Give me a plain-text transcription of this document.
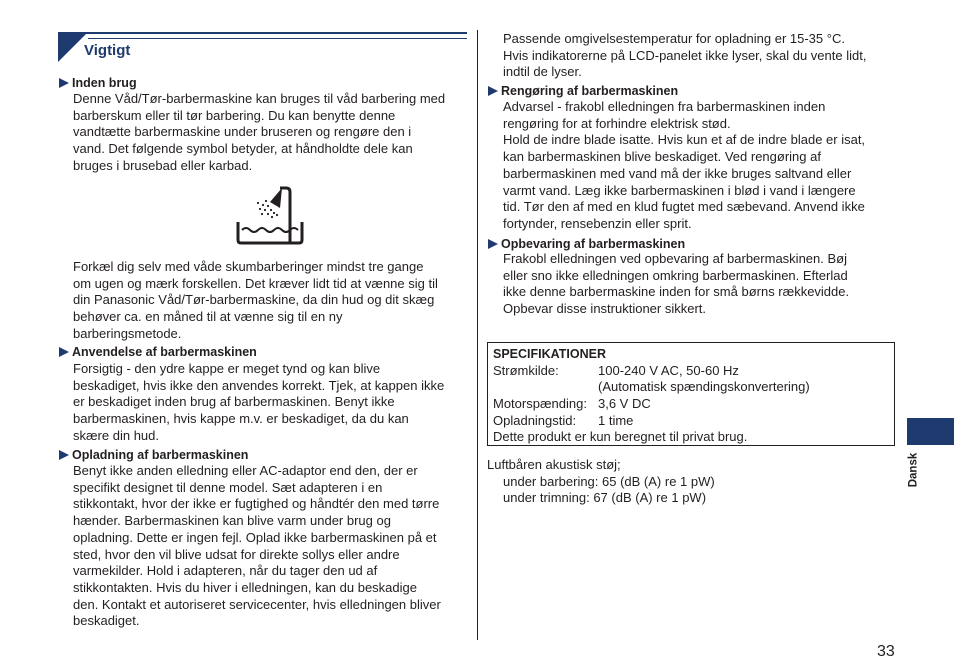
Vigtigt
Inden brug
Denne Våd/Tør-barbermaskine kan bruges til våd barbering med
barberskum eller til tør barbering. Du kan benytte denne
vandtætte barbermaskine under bruseren og rengøre den i
vand. Det følgende symbol betyder, at håndholdte dele kan
bruges i brusebad eller karbad.
Forkæl dig selv med våde skumbarberinger mindst tre gange
om ugen og mærk forskellen. Det kræver lidt tid at vænne sig til
din Panasonic Våd/Tør-barbermaskine, da din hud og dit skæg
behøver ca. en måned til at vænne sig til en ny
barberingsmetode.
Anvendelse af barbermaskinen
Forsigtig - den ydre kappe er meget tynd og kan blive
beskadiget, hvis ikke den anvendes korrekt. Tjek, at kappen ikke
er beskadiget inden brug af barbermaskinen. Benyt ikke
barbermaskinen, hvis kappe m.v. er beskadiget, da du kan
skære din hud.
Opladning af barbermaskinen
Benyt ikke anden elledning eller AC-adaptor end den, der er
specifikt designet til denne model. Sæt adapteren i en
stikkontakt, hvor der ikke er fugtighed og håndtér den med tørre
hænder. Barbermaskinen kan blive varm under brug og
opladning. Dette er ingen fejl. Oplad ikke barbermaskinen på et
sted, hvor den vil blive udsat for direkte sollys eller andre
varmekilder. Hold i adapteren, når du tager den ud af
stikkontakten. Hvis du hiver i elledningen, kan du beskadige
den. Kontakt et autoriseret servicecenter, hvis elledningen bliver
beskadiget.
Passende omgivelsestemperatur for opladning er 15-35 °C.
Hvis indikatorerne på LCD-panelet ikke lyser, skal du vente lidt,
indtil de lyser.
Rengøring af barbermaskinen
Advarsel - frakobl elledningen fra barbermaskinen inden
rengøring for at forhindre elektrisk stød.
Hold de indre blade isatte. Hvis kun et af de indre blade er isat,
kan barbermaskinen blive beskadiget. Ved rengøring af
barbermaskinen med vand må der ikke bruges saltvand eller
varmt vand. Læg ikke barbermaskinen i blød i vand i længere
tid. Tør den af med en klud fugtet med sæbevand. Anvend ikke
fortynder, rensebenzin eller sprit.
Opbevaring af barbermaskinen
Frakobl elledningen ved opbevaring af barbermaskinen. Bøj
eller sno ikke elledningen omkring barbermaskinen. Efterlad
ikke denne barbermaskine inden for små børns rækkevidde.
Opbevar disse instruktioner sikkert.
SPECIFIKATIONER
Strømkilde:	100-240 V AC, 50-60 Hz
(Automatisk spændingskonvertering)
Motorspænding: 3,6 V DC
Opladningstid: 1 time
Dette produkt er kun beregnet til privat brug.
Luftbåren akustisk støj;
under barbering: 65 (dB (A) re 1 pW)
under trimning: 67 (dB (A) re 1 pW)
Dansk
33
